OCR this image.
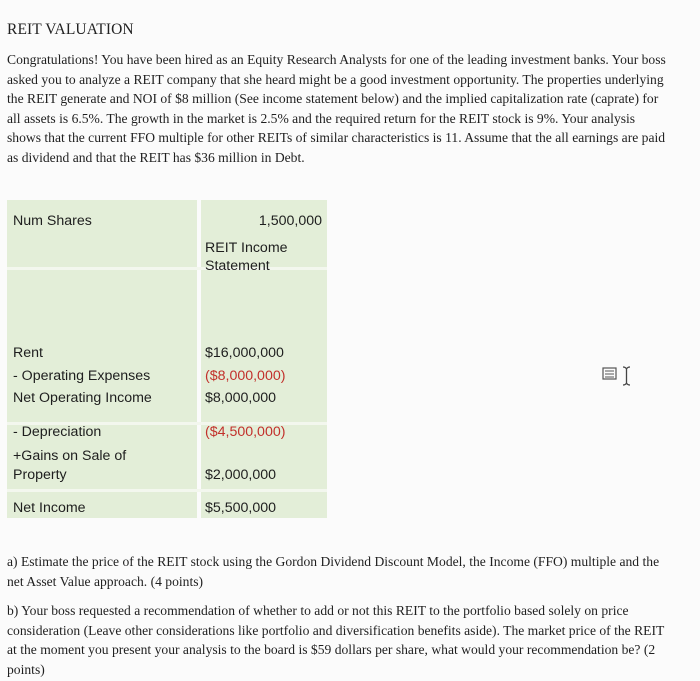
REIT VALUATION
Congratulations! You have been hired as an Equity Research Analysts for one of the leading investment banks. Your boss asked you to analyze a REIT company that she heard might be a good investment opportunity. The properties underlying the REIT generate and NOI of $8 million (See income statement below) and the implied capitalization rate (caprate) for all assets is 6.5%. The growth in the market is 2.5% and the required return for the REIT stock is 9%. Your analysis shows that the current FFO multiple for other REITs of similar characteristics is 11. Assume that the all earnings are paid as dividend and that the REIT has $36 million in Debt.
Num Shares	1,500,000
REIT Income
Statement
Rent	$16,000,000
- Operating Expenses	($8,000,000)
Net Operating Income	$8,000,000
- Depreciation	($4,500,000)
+Gains on Sale of
Property	$2,000,000
Net Income	$5,500,000
a) Estimate the price of the REIT stock using the Gordon Dividend Discount Model, the Income (FFO) multiple and the net Asset Value approach. (4 points)
b) Your boss requested a recommendation of whether to add or not this REIT to the portfolio based solely on price consideration (Leave other considerations like portfolio and diversification benefits aside). The market price of the REIT at the moment you present your analysis to the board is $59 dollars per share, what would your recommendation be? (2 points)
